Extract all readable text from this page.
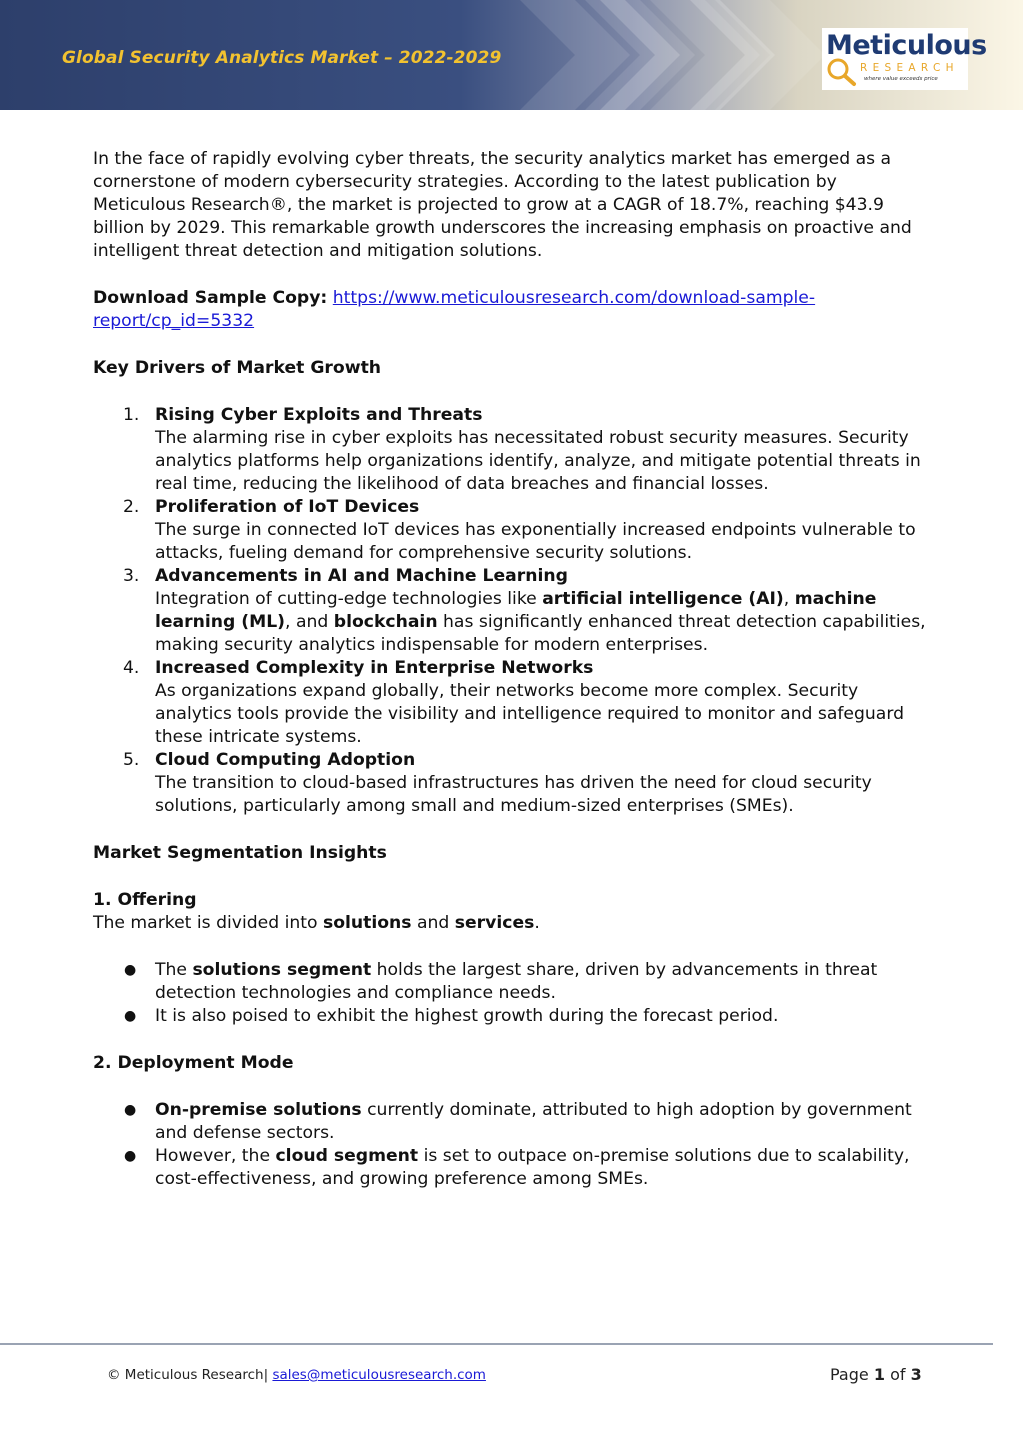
Global Security Analytics Market – 2022-2029	Meticulous
RESEARCH
where value exceeds price

In the face of rapidly evolving cyber threats, the security analytics market has emerged as a cornerstone of modern cybersecurity strategies. According to the latest publication by Meticulous Research®, the market is projected to grow at a CAGR of 18.7%, reaching $43.9 billion by 2029. This remarkable growth underscores the increasing emphasis on proactive and intelligent threat detection and mitigation solutions.

Download Sample Copy: https://www.meticulousresearch.com/download-sample-
report/cp_id=5332

Key Drivers of Market Growth

1. Rising Cyber Exploits and Threats
The alarming rise in cyber exploits has necessitated robust security measures. Security analytics platforms help organizations identify, analyze, and mitigate potential threats in real time, reducing the likelihood of data breaches and financial losses.
2. Proliferation of IoT Devices
The surge in connected IoT devices has exponentially increased endpoints vulnerable to attacks, fueling demand for comprehensive security solutions.
3. Advancements in AI and Machine Learning
Integration of cutting-edge technologies like artificial intelligence (AI), machine learning (ML), and blockchain has significantly enhanced threat detection capabilities, making security analytics indispensable for modern enterprises.
4. Increased Complexity in Enterprise Networks
As organizations expand globally, their networks become more complex. Security analytics tools provide the visibility and intelligence required to monitor and safeguard these intricate systems.
5. Cloud Computing Adoption
The transition to cloud-based infrastructures has driven the need for cloud security solutions, particularly among small and medium-sized enterprises (SMEs).

Market Segmentation Insights

1. Offering

The market is divided into solutions and services.

● The solutions segment holds the largest share, driven by advancements in threat detection technologies and compliance needs.
● It is also poised to exhibit the highest growth during the forecast period.

2. Deployment Mode

● On-premise solutions currently dominate, attributed to high adoption by government and defense sectors.
● However, the cloud segment is set to outpace on-premise solutions due to scalability, cost-effectiveness, and growing preference among SMEs.
© Meticulous Research| sales@meticulousresearch.com	Page 1 of 3
